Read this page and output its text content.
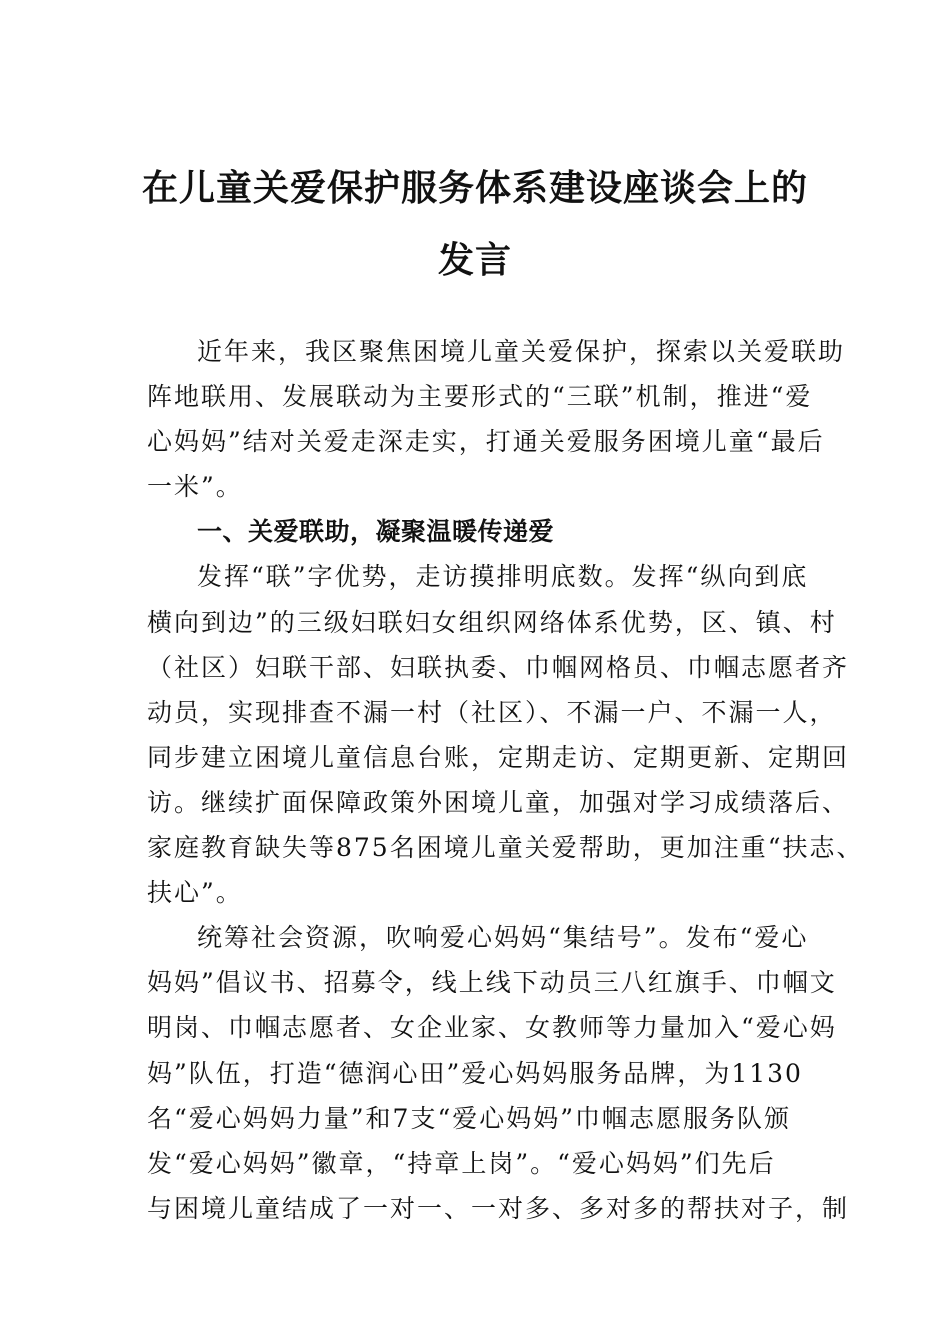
在儿童关爱保护服务体系建设座谈会上的
发言
近年来，我区聚焦困境儿童关爱保护，探索以关爱联助
阵地联用、发展联动为主要形式的“三联”机制，推进“爱
心妈妈”结对关爱走深走实，打通关爱服务困境儿童“最后
一米”。
一、关爱联助，凝聚温暖传递爱
发挥“联”字优势，走访摸排明底数。发挥“纵向到底
横向到边”的三级妇联妇女组织网络体系优势，区、镇、村
（社区）妇联干部、妇联执委、巾帼网格员、巾帼志愿者齐
动员，实现排查不漏一村（社区）、不漏一户、不漏一人，
同步建立困境儿童信息台账，定期走访、定期更新、定期回
访。继续扩面保障政策外困境儿童，加强对学习成绩落后、
家庭教育缺失等875名困境儿童关爱帮助，更加注重“扶志、
扶心”。
统筹社会资源，吹响爱心妈妈“集结号”。发布“爱心
妈妈”倡议书、招募令，线上线下动员三八红旗手、巾帼文
明岗、巾帼志愿者、女企业家、女教师等力量加入“爱心妈
妈”队伍，打造“德润心田”爱心妈妈服务品牌，为1130
名“爱心妈妈力量”和7支“爱心妈妈”巾帼志愿服务队颁
发“爱心妈妈”徽章，“持章上岗”。“爱心妈妈”们先后
与困境儿童结成了一对一、一对多、多对多的帮扶对子，制
